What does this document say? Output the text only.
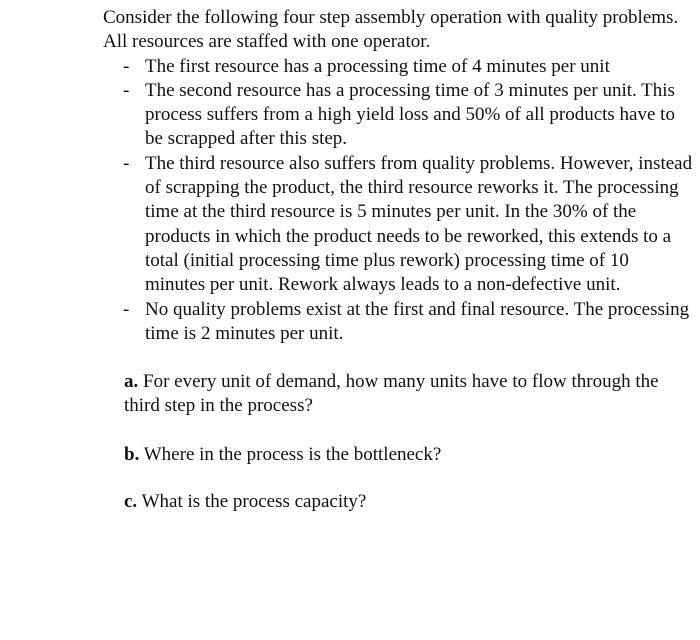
Consider the following four step assembly operation with quality problems. All resources are staffed with one operator.

- The first resource has a processing time of 4 minutes per unit
- The second resource has a processing time of 3 minutes per unit. This process suffers from a high yield loss and 50% of all products have to be scrapped after this step.
- The third resource also suffers from quality problems. However, instead of scrapping the product, the third resource reworks it. The processing time at the third resource is 5 minutes per unit. In the 30% of the products in which the product needs to be reworked, this extends to a total (initial processing time plus rework) processing time of 10 minutes per unit. Rework always leads to a non-defective unit.
- No quality problems exist at the first and final resource. The processing time is 2 minutes per unit.

a. For every unit of demand, how many units have to flow through the third step in the process?

b. Where in the process is the bottleneck?

c. What is the process capacity?
